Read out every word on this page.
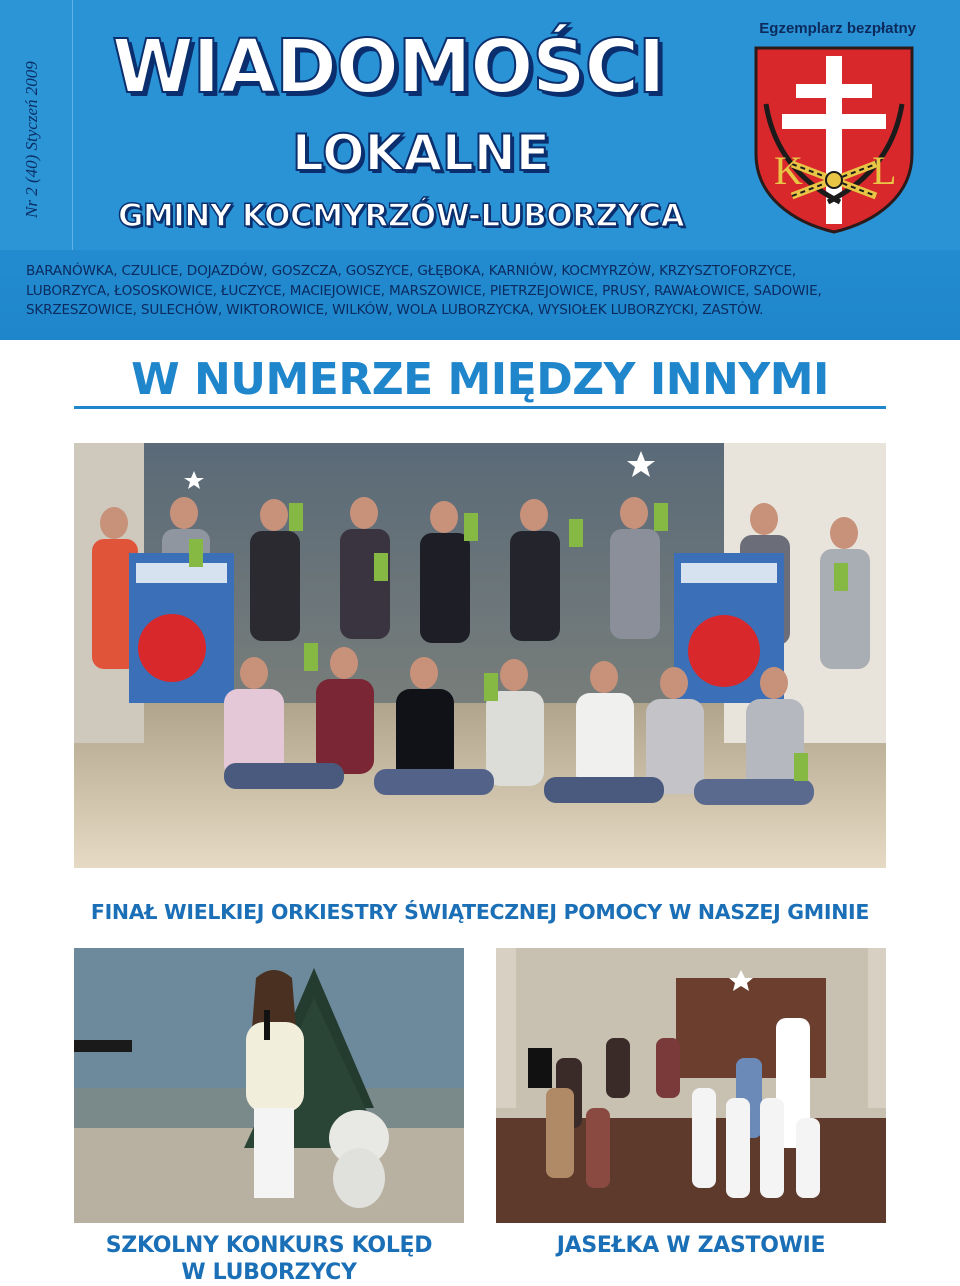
Nr 2 (40) Styczeń 2009 WIADOMOŚCI
LOKALNE
GMINY KOCMYRZÓW-LUBORZYCA
Egzemplarz bezpłatny
K L
BARANÓWKA, CZULICE, DOJAZDÓW, GOSZCZA, GOSZYCE, GŁĘBOKA, KARNIÓW, KOCMYRZÓW, KRZYSZTOFORZYCE,
LUBORZYCA, ŁOSOSKOWICE, ŁUCZYCE, MACIEJOWICE, MARSZOWICE, PIETRZEJOWICE, PRUSY, RAWAŁOWICE, SADOWIE,
SKRZESZOWICE, SULECHÓW, WIKTOROWICE, WILKÓW, WOLA LUBORZYCKA, WYSIOŁEK LUBORZYCKI, ZASTÓW.
W NUMERZE MIĘDZY INNYMI
FINAŁ WIELKIEJ ORKIESTRY ŚWIĄTECZNEJ POMOCY W NASZEJ GMINIE
SZKOLNY KONKURS KOLĘD
W LUBORZYCY
JASEŁKA W ZASTOWIE
